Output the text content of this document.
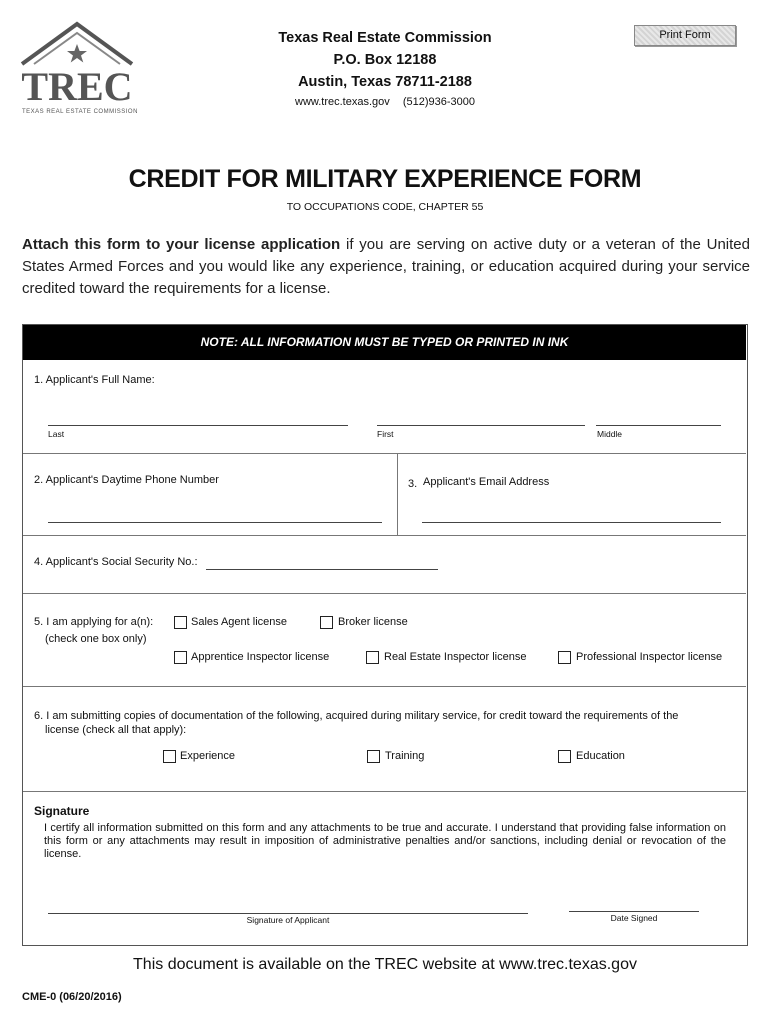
TREC
TEXAS REAL ESTATE COMMISSION
Texas Real Estate Commission
P.O. Box 12188
Austin, Texas 78711-2188
www.trec.texas.gov (512)936-3000
Print Form
CREDIT FOR MILITARY EXPERIENCE FORM
TO OCCUPATIONS CODE, CHAPTER 55
Attach this form to your license application if you are serving on active duty or a veteran of the United States Armed Forces and you would like any experience, training, or education acquired during your service credited toward the requirements for a license.
NOTE: ALL INFORMATION MUST BE TYPED OR PRINTED IN INK
1. Applicant's Full Name:
Last	First	Middle
2. Applicant's Daytime Phone Number	3. Applicant's Email Address
4. Applicant's Social Security No.:
5. I am applying for a(n):
(check one box only)
Sales Agent license	Broker license
Apprentice Inspector license	Real Estate Inspector license	Professional Inspector license
6. I am submitting copies of documentation of the following, acquired during military service, for credit toward the requirements of the
license (check all that apply):
Experience	Training	Education
Signature
I certify all information submitted on this form and any attachments to be true and accurate. I understand that providing false information on this form or any attachments may result in imposition of administrative penalties and/or sanctions, including denial or revocation of the license.
Signature of Applicant	Date Signed
This document is available on the TREC website at www.trec.texas.gov
CME-0 (06/20/2016)
